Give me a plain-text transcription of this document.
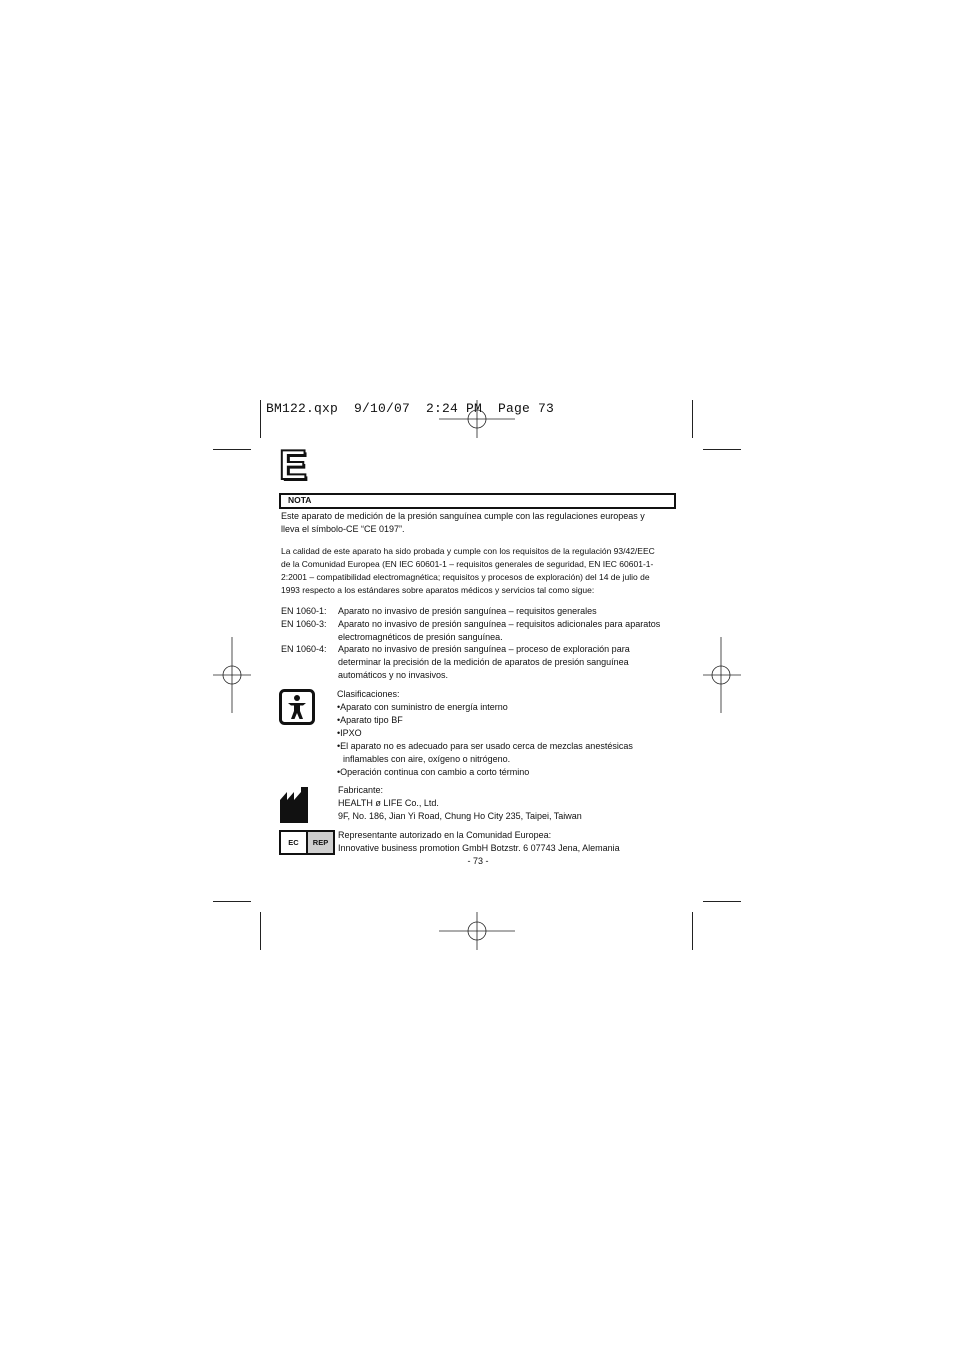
BM122.qxp  9/10/07  2:24 PM  Page 73
E
NOTA
Este aparato de medición de la presión sanguínea cumple con las regulaciones europeas y
lleva el símbolo-CE “CE 0197”.
La calidad de este aparato ha sido probada y cumple con los requisitos de la regulación 93/42/EEC
de la Comunidad Europea (EN IEC 60601-1 – requisitos generales de seguridad, EN IEC 60601-1-
2:2001 – compatibilidad electromagnética; requisitos y procesos de exploración) del 14 de julio de
1993 respecto a los estándares sobre aparatos médicos y servicios tal como sigue:
EN 1060-1:	Aparato no invasivo de presión sanguínea – requisitos generales
EN 1060-3:	Aparato no invasivo de presión sanguínea – requisitos adicionales para aparatos
electromagnéticos de presión sanguínea.
EN 1060-4:	Aparato no invasivo de presión sanguínea – proceso de exploración para
determinar la precisión de la medición de aparatos de presión sanguínea
automáticos y no invasivos.
Clasificaciones:
• Aparato con suministro de energía interno
• Aparato tipo BF
• IPXO
• El aparato no es adecuado para ser usado cerca de mezclas anestésicas inflamables con aire, oxígeno o nitrógeno.
• Operación continua con cambio a corto término
Fabricante:
HEALTH ø LIFE Co., Ltd.
9F, No. 186, Jian Yi Road, Chung Ho City 235, Taipei, Taiwan
EC	REP
Representante autorizado en la Comunidad Europea:
Innovative business promotion GmbH Botzstr. 6 07743 Jena, Alemania
- 73 -
